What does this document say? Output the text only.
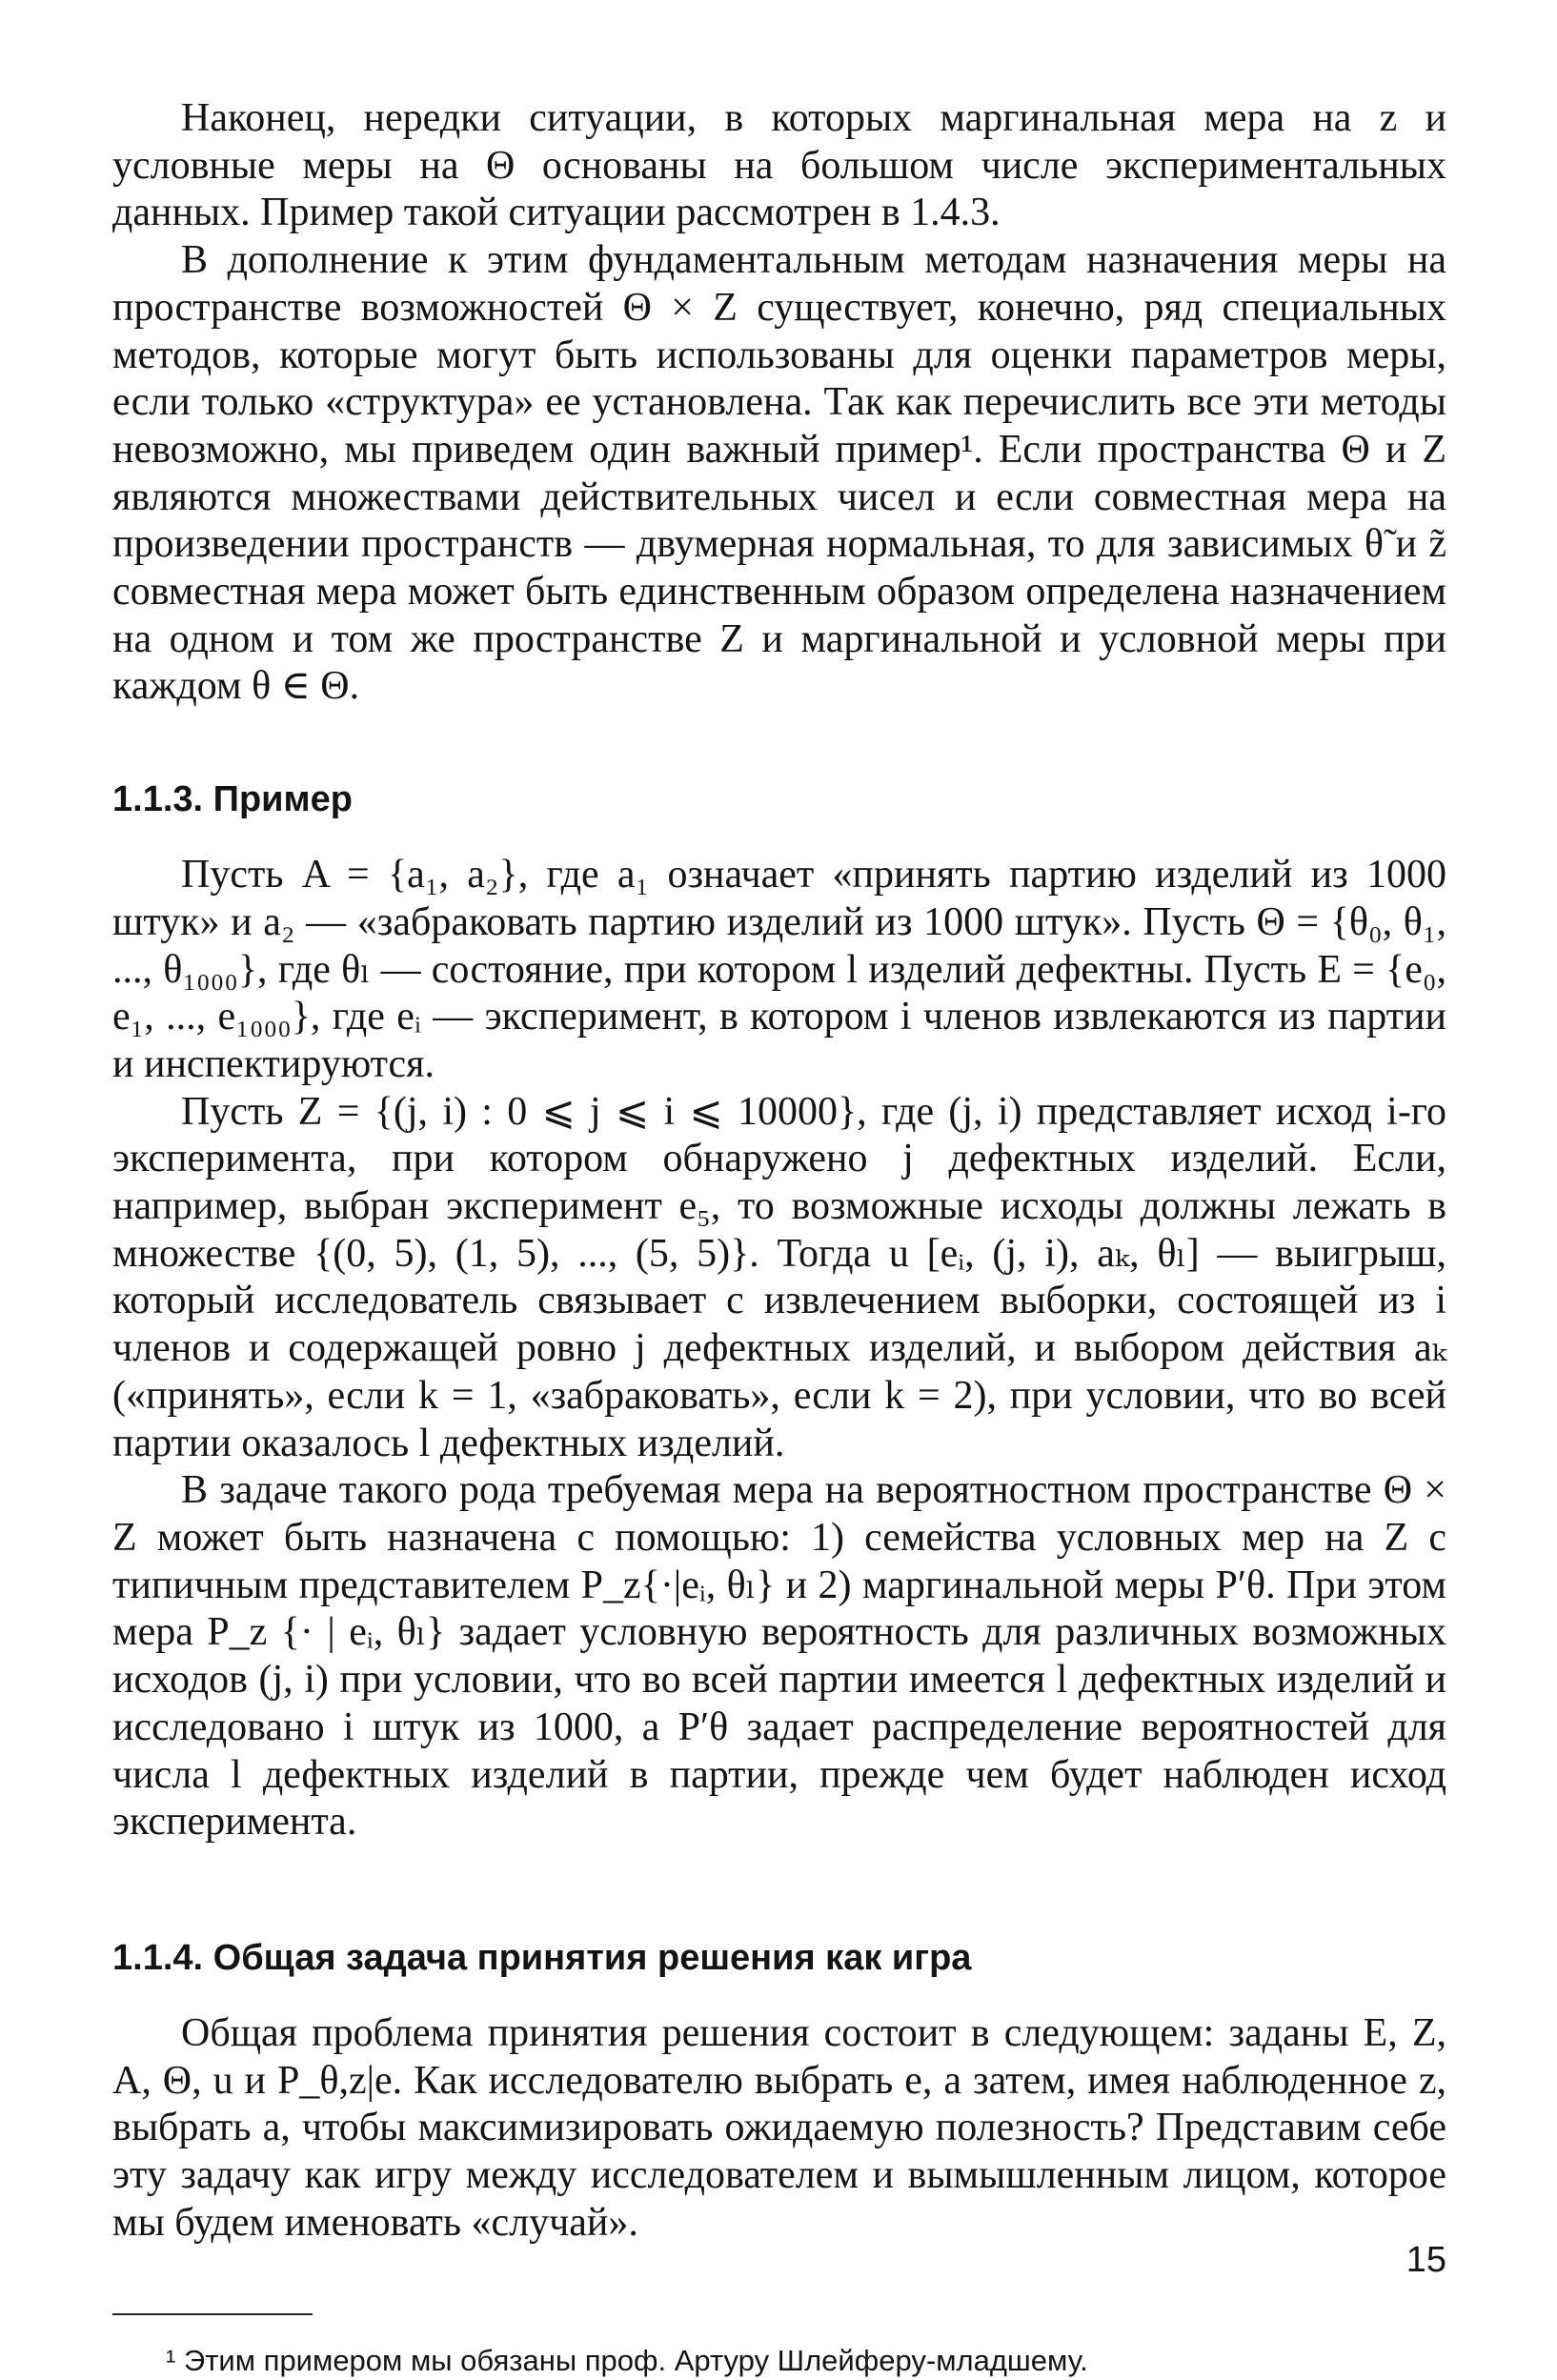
Наконец, нередки ситуации, в которых маргинальная мера на z и условные меры на Θ основаны на большом числе экспериментальных данных. Пример такой ситуации рассмотрен в 1.4.3.

В дополнение к этим фундаментальным методам назначения меры на пространстве возможностей Θ × Z существует, конечно, ряд специальных методов, которые могут быть использованы для оценки параметров меры, если только «структура» ее установлена. Так как перечислить все эти методы невозможно, мы приведем один важный пример¹. Если пространства Θ и Z являются множествами действительных чисел и если совместная мера на произведении пространств — двумерная нормальная, то для зависимых θ̃ и z̃ совместная мера может быть единственным образом определена назначением на одном и том же пространстве Z и маргинальной и условной меры при каждом θ ∈ Θ.

1.1.3. Пример

Пусть A = {a₁, a₂}, где a₁ означает «принять партию изделий из 1000 штук» и a₂ — «забраковать партию изделий из 1000 штук». Пусть Θ = {θ₀, θ₁, ..., θ₁₀₀₀}, где θₗ — состояние, при котором l изделий дефектны. Пусть E = {e₀, e₁, ..., e₁₀₀₀}, где eᵢ — эксперимент, в котором i членов извлекаются из партии и инспектируются.

Пусть Z = {(j, i) : 0 ⩽ j ⩽ i ⩽ 10000}, где (j, i) представляет исход i-го эксперимента, при котором обнаружено j дефектных изделий. Если, например, выбран эксперимент e₅, то возможные исходы должны лежать в множестве {(0, 5), (1, 5), ..., (5, 5)}. Тогда u [eᵢ, (j, i), aₖ, θₗ] — выигрыш, который исследователь связывает с извлечением выборки, состоящей из i членов и содержащей ровно j дефектных изделий, и выбором действия aₖ («принять», если k = 1, «забраковать», если k = 2), при условии, что во всей партии оказалось l дефектных изделий.

В задаче такого рода требуемая мера на вероятностном пространстве Θ × Z может быть назначена с помощью: 1) семейства условных мер на Z с типичным представителем P_z{·|eᵢ, θₗ} и 2) маргинальной меры P′θ. При этом мера P_z {· | eᵢ, θₗ} задает условную вероятность для различных возможных исходов (j, i) при условии, что во всей партии имеется l дефектных изделий и исследовано i штук из 1000, а P′θ задает распределение вероятностей для числа l дефектных изделий в партии, прежде чем будет наблюден исход эксперимента.

1.1.4. Общая задача принятия решения как игра

Общая проблема принятия решения состоит в следующем: заданы E, Z, A, Θ, u и P_θ,z|e. Как исследователю выбрать e, а затем, имея наблюденное z, выбрать a, чтобы максимизировать ожидаемую полезность? Представим себе эту задачу как игру между исследователем и вымышленным лицом, которое мы будем именовать «случай».

¹ Этим примером мы обязаны проф. Артуру Шлейферу-младшему.
15
